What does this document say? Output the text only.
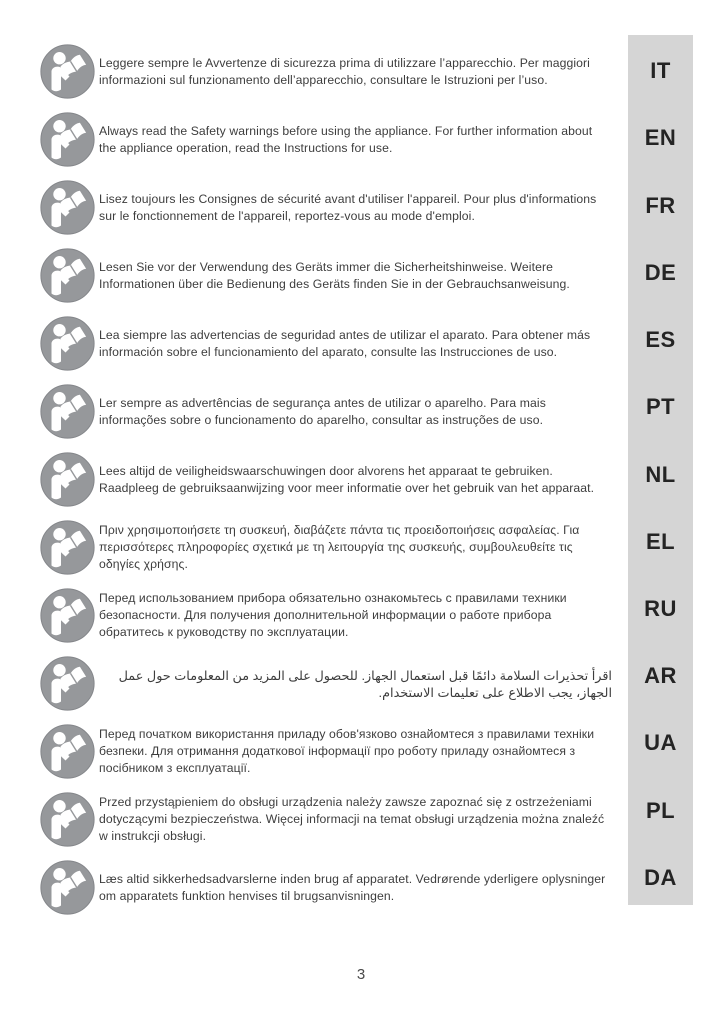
Leggere sempre le Avvertenze di sicurezza prima di utilizzare l’apparecchio. Per maggiori informazioni sul funzionamento dell’apparecchio, consultare le Istruzioni per l’uso.

Always read the Safety warnings before using the appliance. For further information about the appliance operation, read the Instructions for use.

Lisez toujours les Consignes de sécurité avant d'utiliser l'appareil. Pour plus d'informations sur le fonctionnement de l'appareil, reportez-vous au mode d'emploi.

Lesen Sie vor der Verwendung des Geräts immer die Sicherheitshinweise. Weitere Informationen über die Bedienung des Geräts finden Sie in der Gebrauchsanweisung.

Lea siempre las advertencias de seguridad antes de utilizar el aparato. Para obtener más información sobre el funcionamiento del aparato, consulte las Instrucciones de uso.

Ler sempre as advertências de segurança antes de utilizar o aparelho. Para mais informações sobre o funcionamento do aparelho, consultar as instruções de uso.

Lees altijd de veiligheidswaarschuwingen door alvorens het apparaat te gebruiken. Raadpleeg de gebruiksaanwijzing voor meer informatie over het gebruik van het apparaat.

Πριν χρησιμοποιήσετε τη συσκευή, διαβάζετε πάντα τις προειδοποιήσεις ασφαλείας. Για περισσότερες πληροφορίες σχετικά με τη λειτουργία της συσκευής, συμβουλευθείτε τις οδηγίες χρήσης.

Перед использованием прибора обязательно ознакомьтесь с правилами техники безопасности. Для получения дополнительной информации о работе прибора обратитесь к руководству по эксплуатации.

اقرأ تحذيرات السلامة دائمًا قبل استعمال الجهاز. للحصول على المزيد من المعلومات حول عمل الجهاز، يجب الاطلاع على تعليمات الاستخدام.

Перед початком використання приладу обов'язково ознайомтеся з правилами техніки безпеки. Для отримання додаткової інформації про роботу приладу ознайомтеся з посібником з експлуатації.

Przed przystąpieniem do obsługi urządzenia należy zawsze zapoznać się z ostrzeżeniami dotyczącymi bezpieczeństwa. Więcej informacji na temat obsługi urządzenia można znaleźć w instrukcji obsługi.

Læs altid sikkerhedsadvarslerne inden brug af apparatet. Vedrørende yderligere oplysninger om apparatets funktion henvises til brugsanvisningen.

IT
EN
FR
DE
ES
PT
NL
EL
RU
AR
UA
PL
DA
3
